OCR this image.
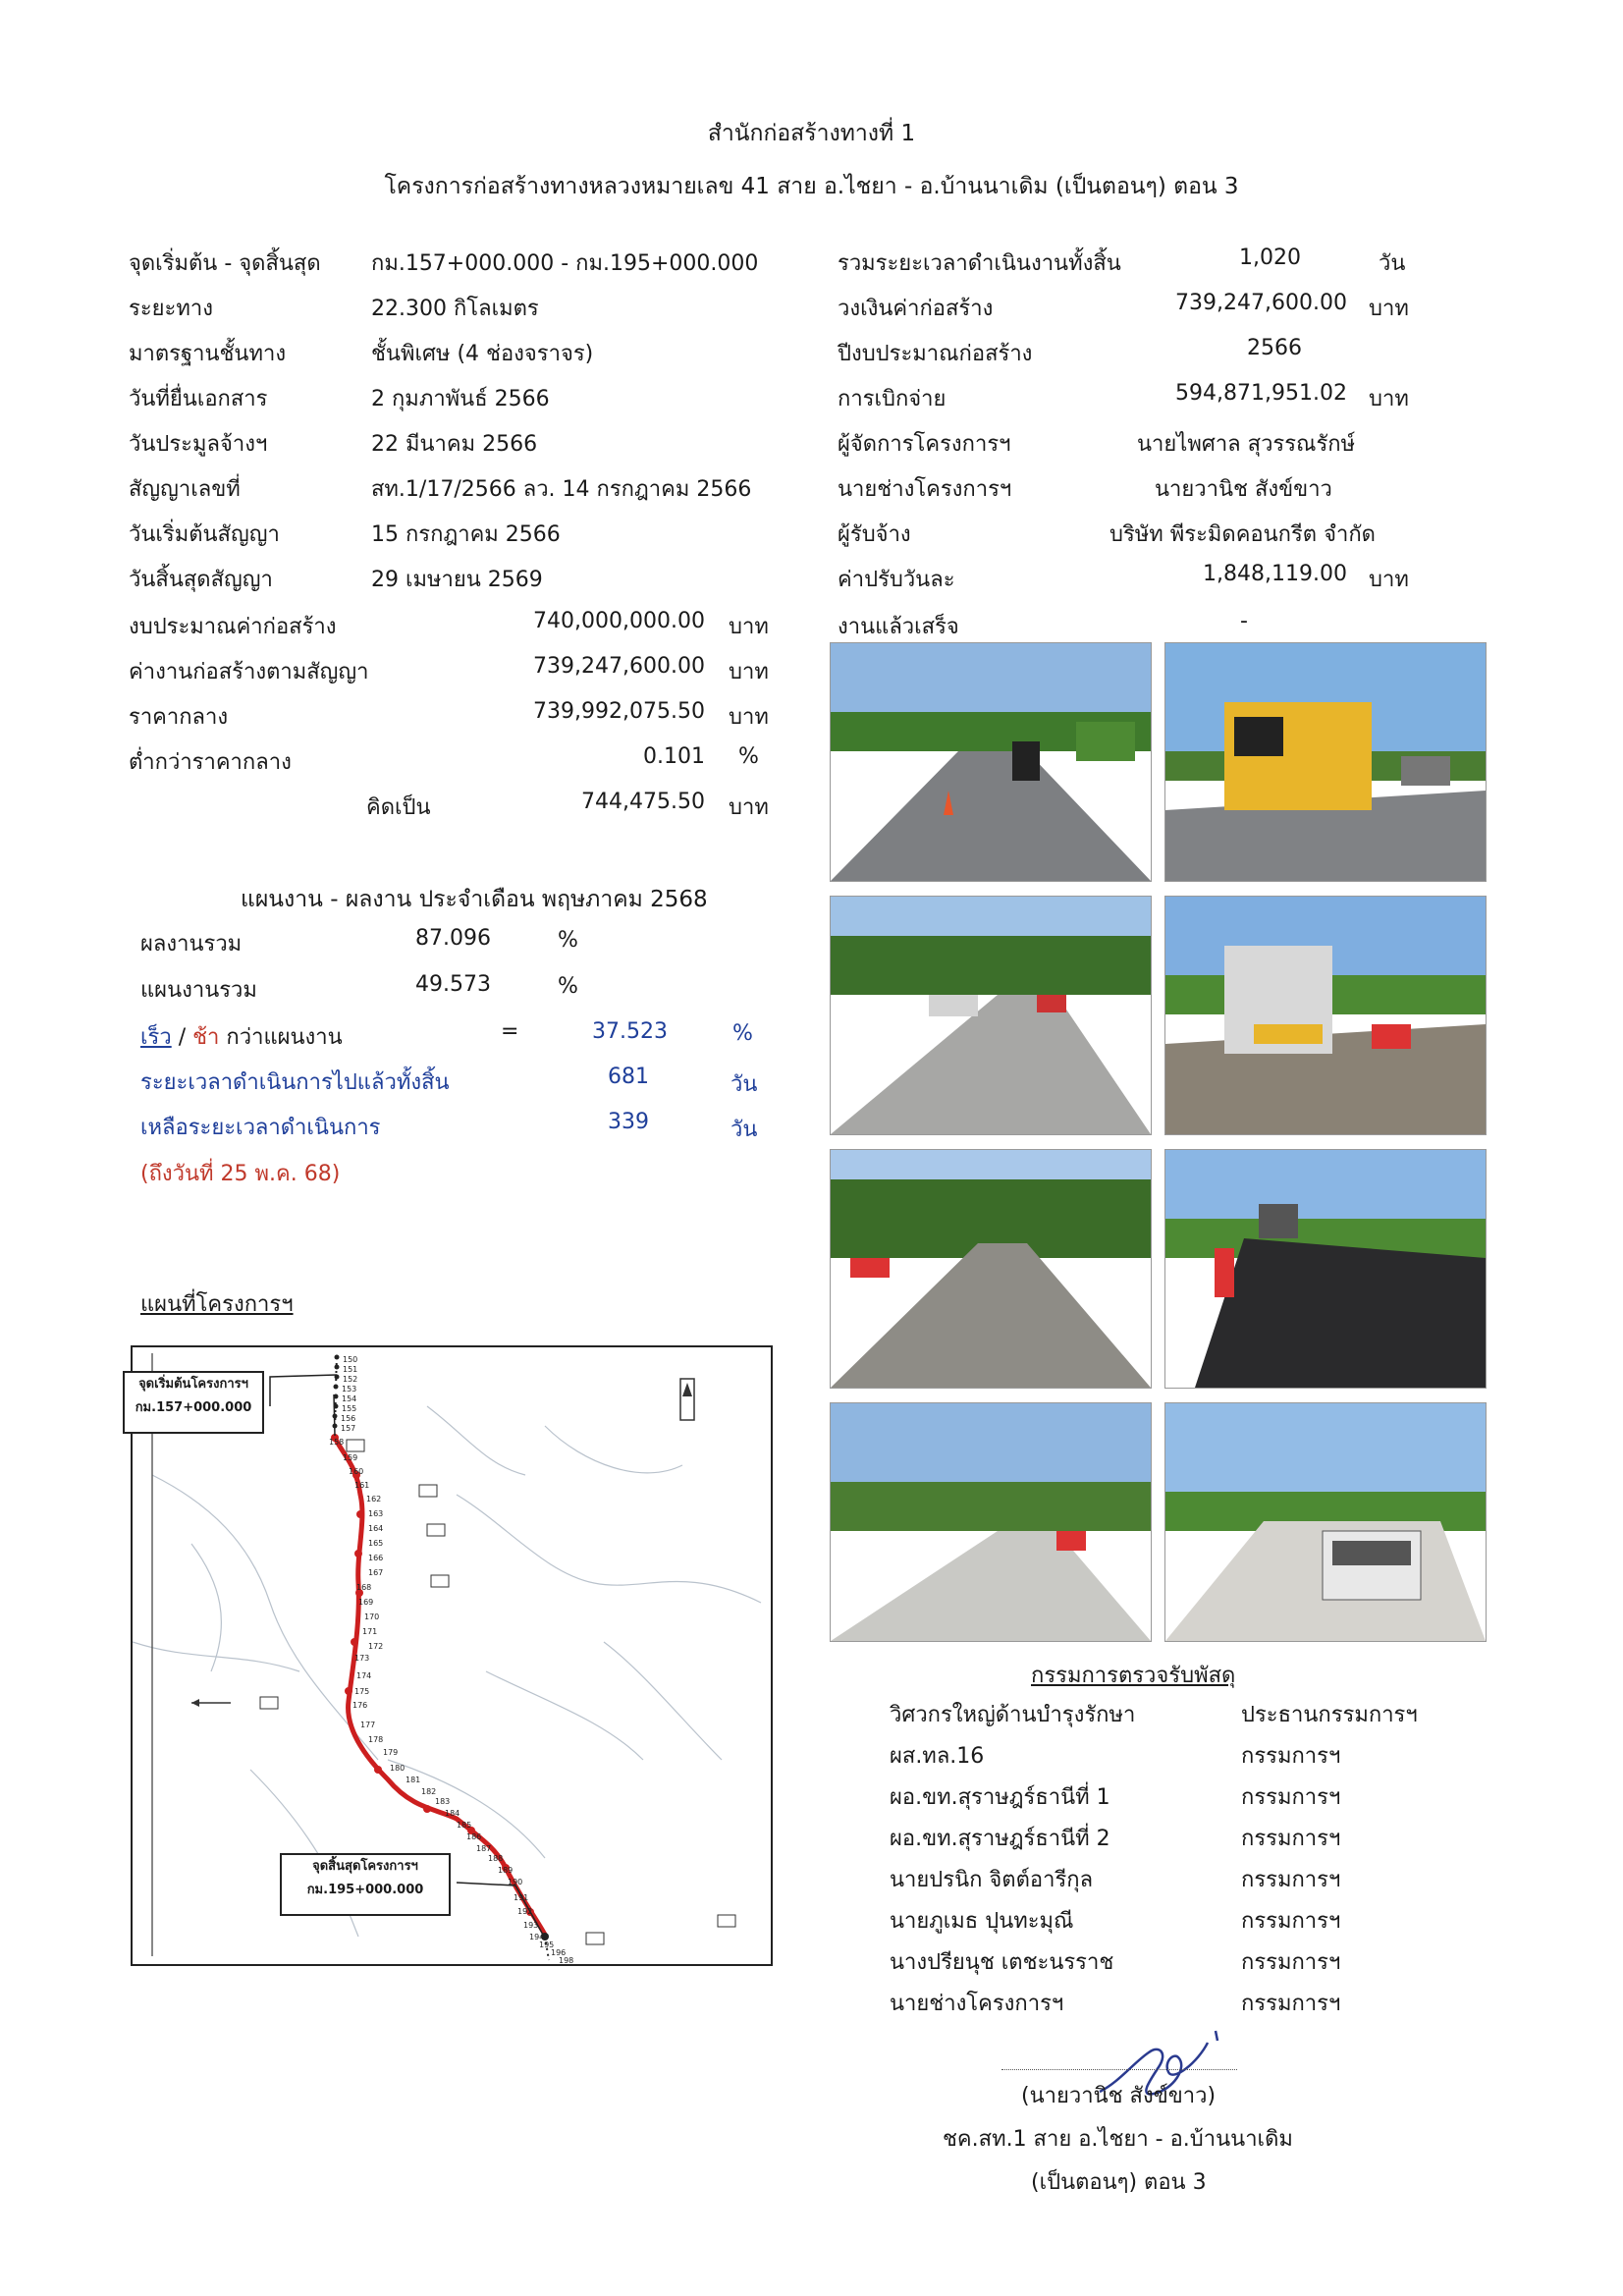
สำนักก่อสร้างทางที่ 1
โครงการก่อสร้างทางหลวงหมายเลข 41 สาย อ.ไชยา - อ.บ้านนาเดิม (เป็นตอนๆ) ตอน 3
จุดเริ่มต้น - จุดสิ้นสุด กม.157+000.000 - กม.195+000.000
ระยะทาง	22.300 กิโลเมตร
มาตรฐานชั้นทาง	ชั้นพิเศษ (4 ช่องจราจร)
วันที่ยื่นเอกสาร	2 กุมภาพันธ์ 2566
วันประมูลจ้างฯ	22 มีนาคม 2566
สัญญาเลขที่	สท.1/17/2566 ลว. 14 กรกฎาคม 2566
วันเริ่มต้นสัญญา	15 กรกฎาคม 2566
วันสิ้นสุดสัญญา	29 เมษายน 2569
งบประมาณค่าก่อสร้าง	740,000,000.00 บาท
ค่างานก่อสร้างตามสัญญา	739,247,600.00 บาท
ราคากลาง	739,992,075.50 บาท
ต่ำกว่าราคากลาง	0.101 %
คิดเป็น	744,475.50 บาท
รวมระยะเวลาดำเนินงานทั้งสิ้น	1,020	วัน
วงเงินค่าก่อสร้าง	739,247,600.00 บาท
ปีงบประมาณก่อสร้าง	2566
การเบิกจ่าย	594,871,951.02 บาท
ผู้จัดการโครงการฯ	นายไพศาล สุวรรณรักษ์
นายช่างโครงการฯ	นายวานิช สังข์ขาว
ผู้รับจ้าง	บริษัท พีระมิดคอนกรีต จำกัด
ค่าปรับวันละ	1,848,119.00 บาท
งานแล้วเสร็จ	-
แผนงาน - ผลงาน ประจำเดือน พฤษภาคม 2568
ผลงานรวม	87.096	%
แผนงานรวม	49.573	%
เร็ว / ช้า กว่าแผนงาน	=	37.523	%
ระยะเวลาดำเนินการไปแล้วทั้งสิ้น	681	วัน
เหลือระยะเวลาดำเนินการ	339	วัน
(ถึงวันที่ 25 พ.ค. 68)
แผนที่โครงการฯ
จุดเริ่มต้นโครงการฯ
กม.157+000.000
จุดสิ้นสุดโครงการฯ
กม.195+000.000
150
151
152
153
154
155
156
157
158
159
160
161
162
163
164
165
166
167
168
169
170
171
172
173
174
175
176
177
178
179
180
181
182
183
184
185
186
187
188
189
190
191
192
193
194
195
196
198
กรรมการตรวจรับพัสดุ
วิศวกรใหญ่ด้านบำรุงรักษา	ประธานกรรมการฯ
ผส.ทล.16	กรรมการฯ
ผอ.ขท.สุราษฎร์ธานีที่ 1	กรรมการฯ
ผอ.ขท.สุราษฎร์ธานีที่ 2	กรรมการฯ
นายปรนิก จิตต์อารีกุล	กรรมการฯ
นายภูเมธ ปุนทะมุณี	กรรมการฯ
นางปรียนุช เตชะนรราช	กรรมการฯ
นายช่างโครงการฯ	กรรมการฯ
(นายวานิช สังข์ขาว)
ชค.สท.1 สาย อ.ไชยา - อ.บ้านนาเดิม
(เป็นตอนๆ) ตอน 3
